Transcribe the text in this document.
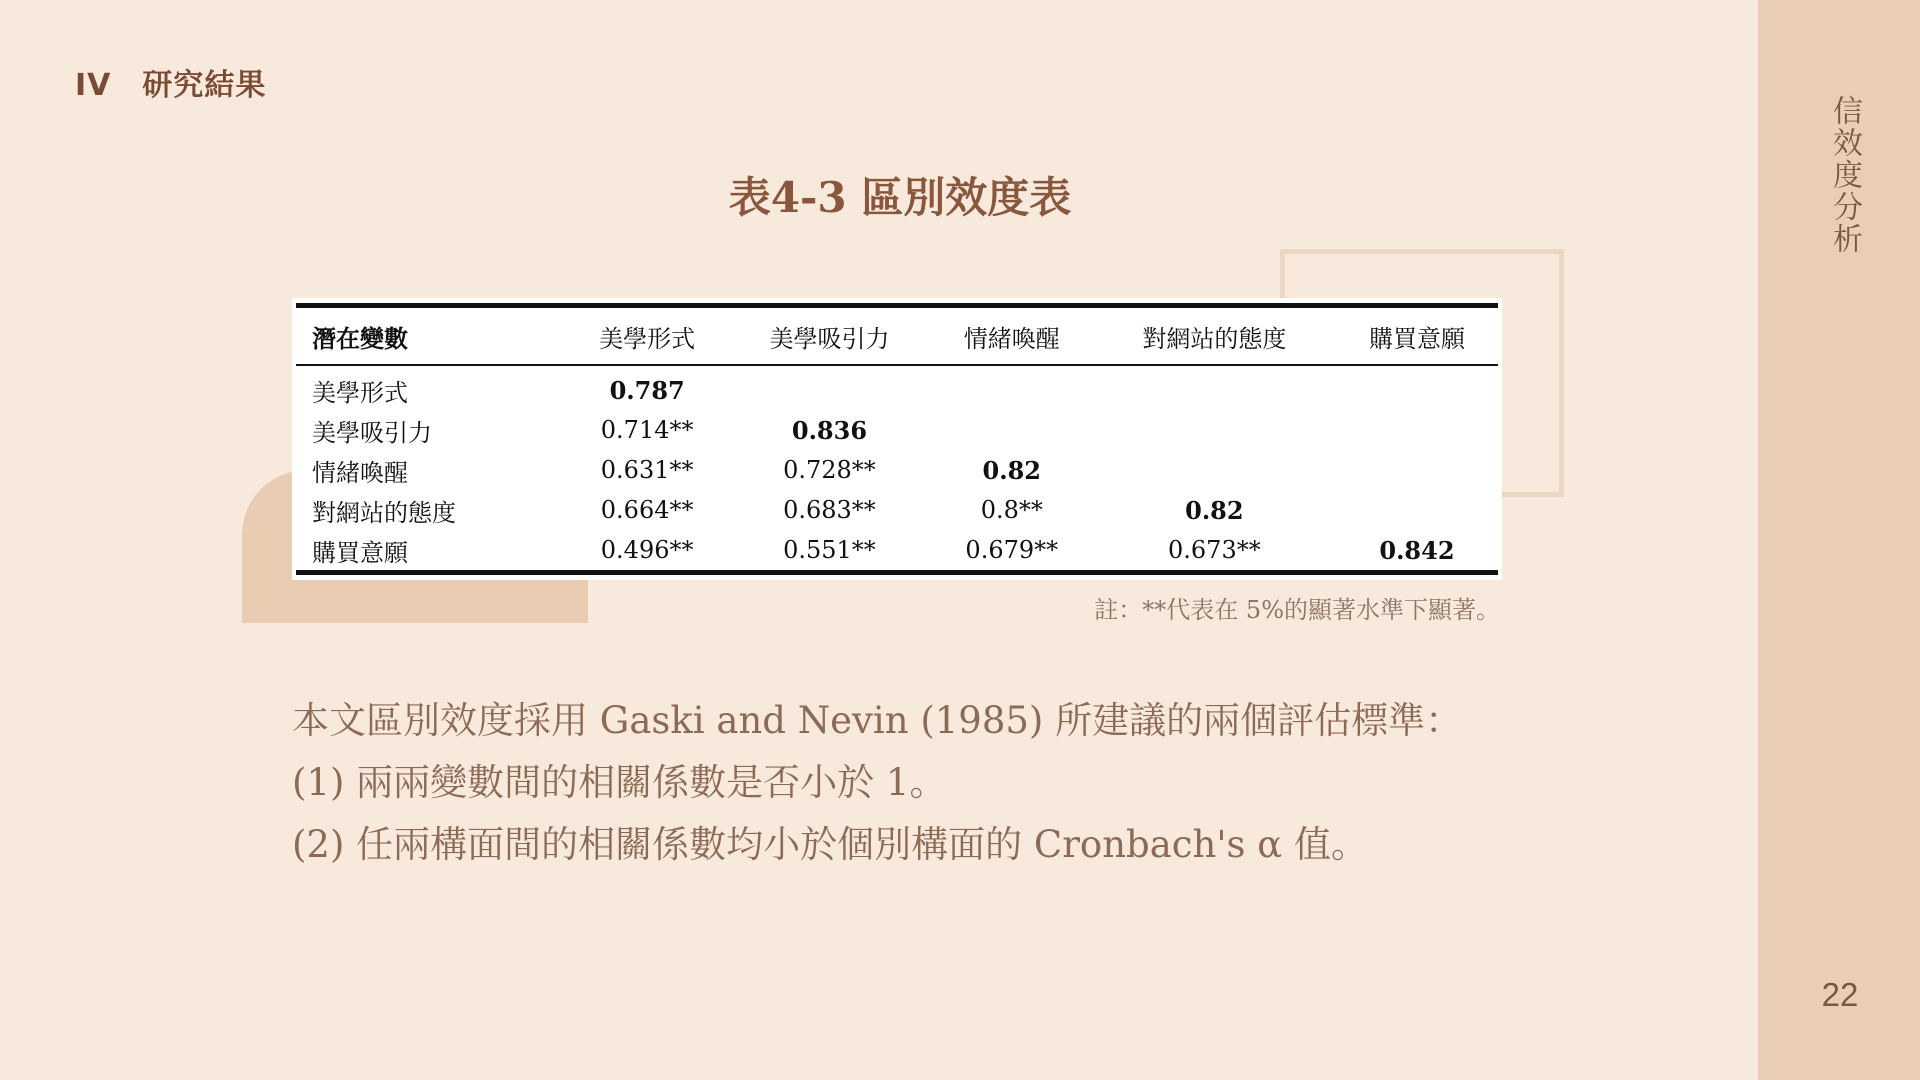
信效度分析
22
IV 研究結果
表4-3 區別效度表
潛在變數	美學形式	美學吸引力	情緒喚醒	對網站的態度	購買意願
美學形式	0.787				
美學吸引力	0.714**	0.836			
情緒喚醒	0.631**	0.728**	0.82		
對網站的態度	0.664**	0.683**	0.8**	0.82	
購買意願	0.496**	0.551**	0.679**	0.673**	0.842
註：**代表在 5%的顯著水準下顯著。

本文區別效度採用 Gaski and Nevin (1985) 所建議的兩個評估標準：

(1) 兩兩變數間的相關係數是否小於 1。

(2) 任兩構面間的相關係數均小於個別構面的 Cronbach's α 值。
